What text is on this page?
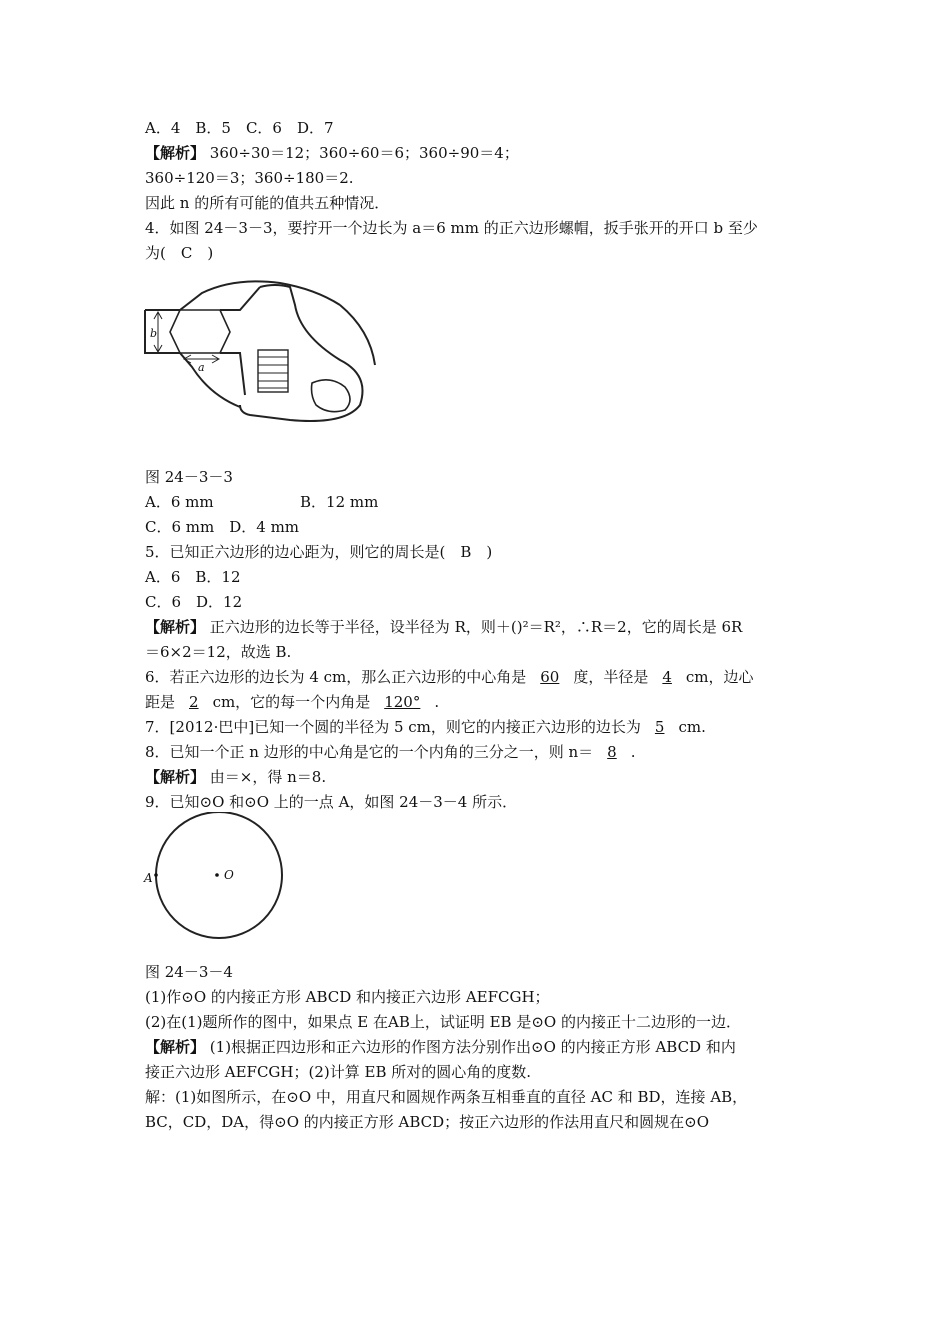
A．4　B．5　C．6　D．7
【解析】 360÷30＝12；360÷60＝6；360÷90＝4；
360÷120＝3；360÷180＝2.
因此 n 的所有可能的值共五种情况．
4．如图 24－3－3，要拧开一个边长为 a＝6 mm 的正六边形螺帽，扳手张开的开口 b 至少
为(　C　)
b
a
图 24－3－3
A．6 mm	B．12 mm
C．6 mm　D．4 mm
5．已知正六边形的边心距为，则它的周长是(　B　)
A．6　B．12
C．6　D．12
【解析】 正六边形的边长等于半径，设半径为 R，则＋()²＝R²，∴R＝2，它的周长是 6R
＝6×2＝12，故选 B.
6．若正六边形的边长为 4 cm，那么正六边形的中心角是 60 度，半径是 4 cm，边心
距是 2 cm，它的每一个内角是 120° .
7．[2012·巴中]已知一个圆的半径为 5 cm，则它的内接正六边形的边长为 5 cm.
8．已知一个正 n 边形的中心角是它的一个内角的三分之一，则 n＝ 8 .
【解析】 由＝×，得 n＝8.
9．已知⊙O 和⊙O 上的一点 A，如图 24－3－4 所示．
O
A
图 24－3－4
(1)作⊙O 的内接正方形 ABCD 和内接正六边形 AEFCGH；
(2)在(1)题所作的图中，如果点 E 在AB上，试证明 EB 是⊙O 的内接正十二边形的一边．
【解析】 (1)根据正四边形和正六边形的作图方法分别作出⊙O 的内接正方形 ABCD 和内
接正六边形 AEFCGH；(2)计算 EB 所对的圆心角的度数.
解：(1)如图所示，在⊙O 中，用直尺和圆规作两条互相垂直的直径 AC 和 BD，连接 AB，
BC，CD，DA，得⊙O 的内接正方形 ABCD；按正六边形的作法用直尺和圆规在⊙O
